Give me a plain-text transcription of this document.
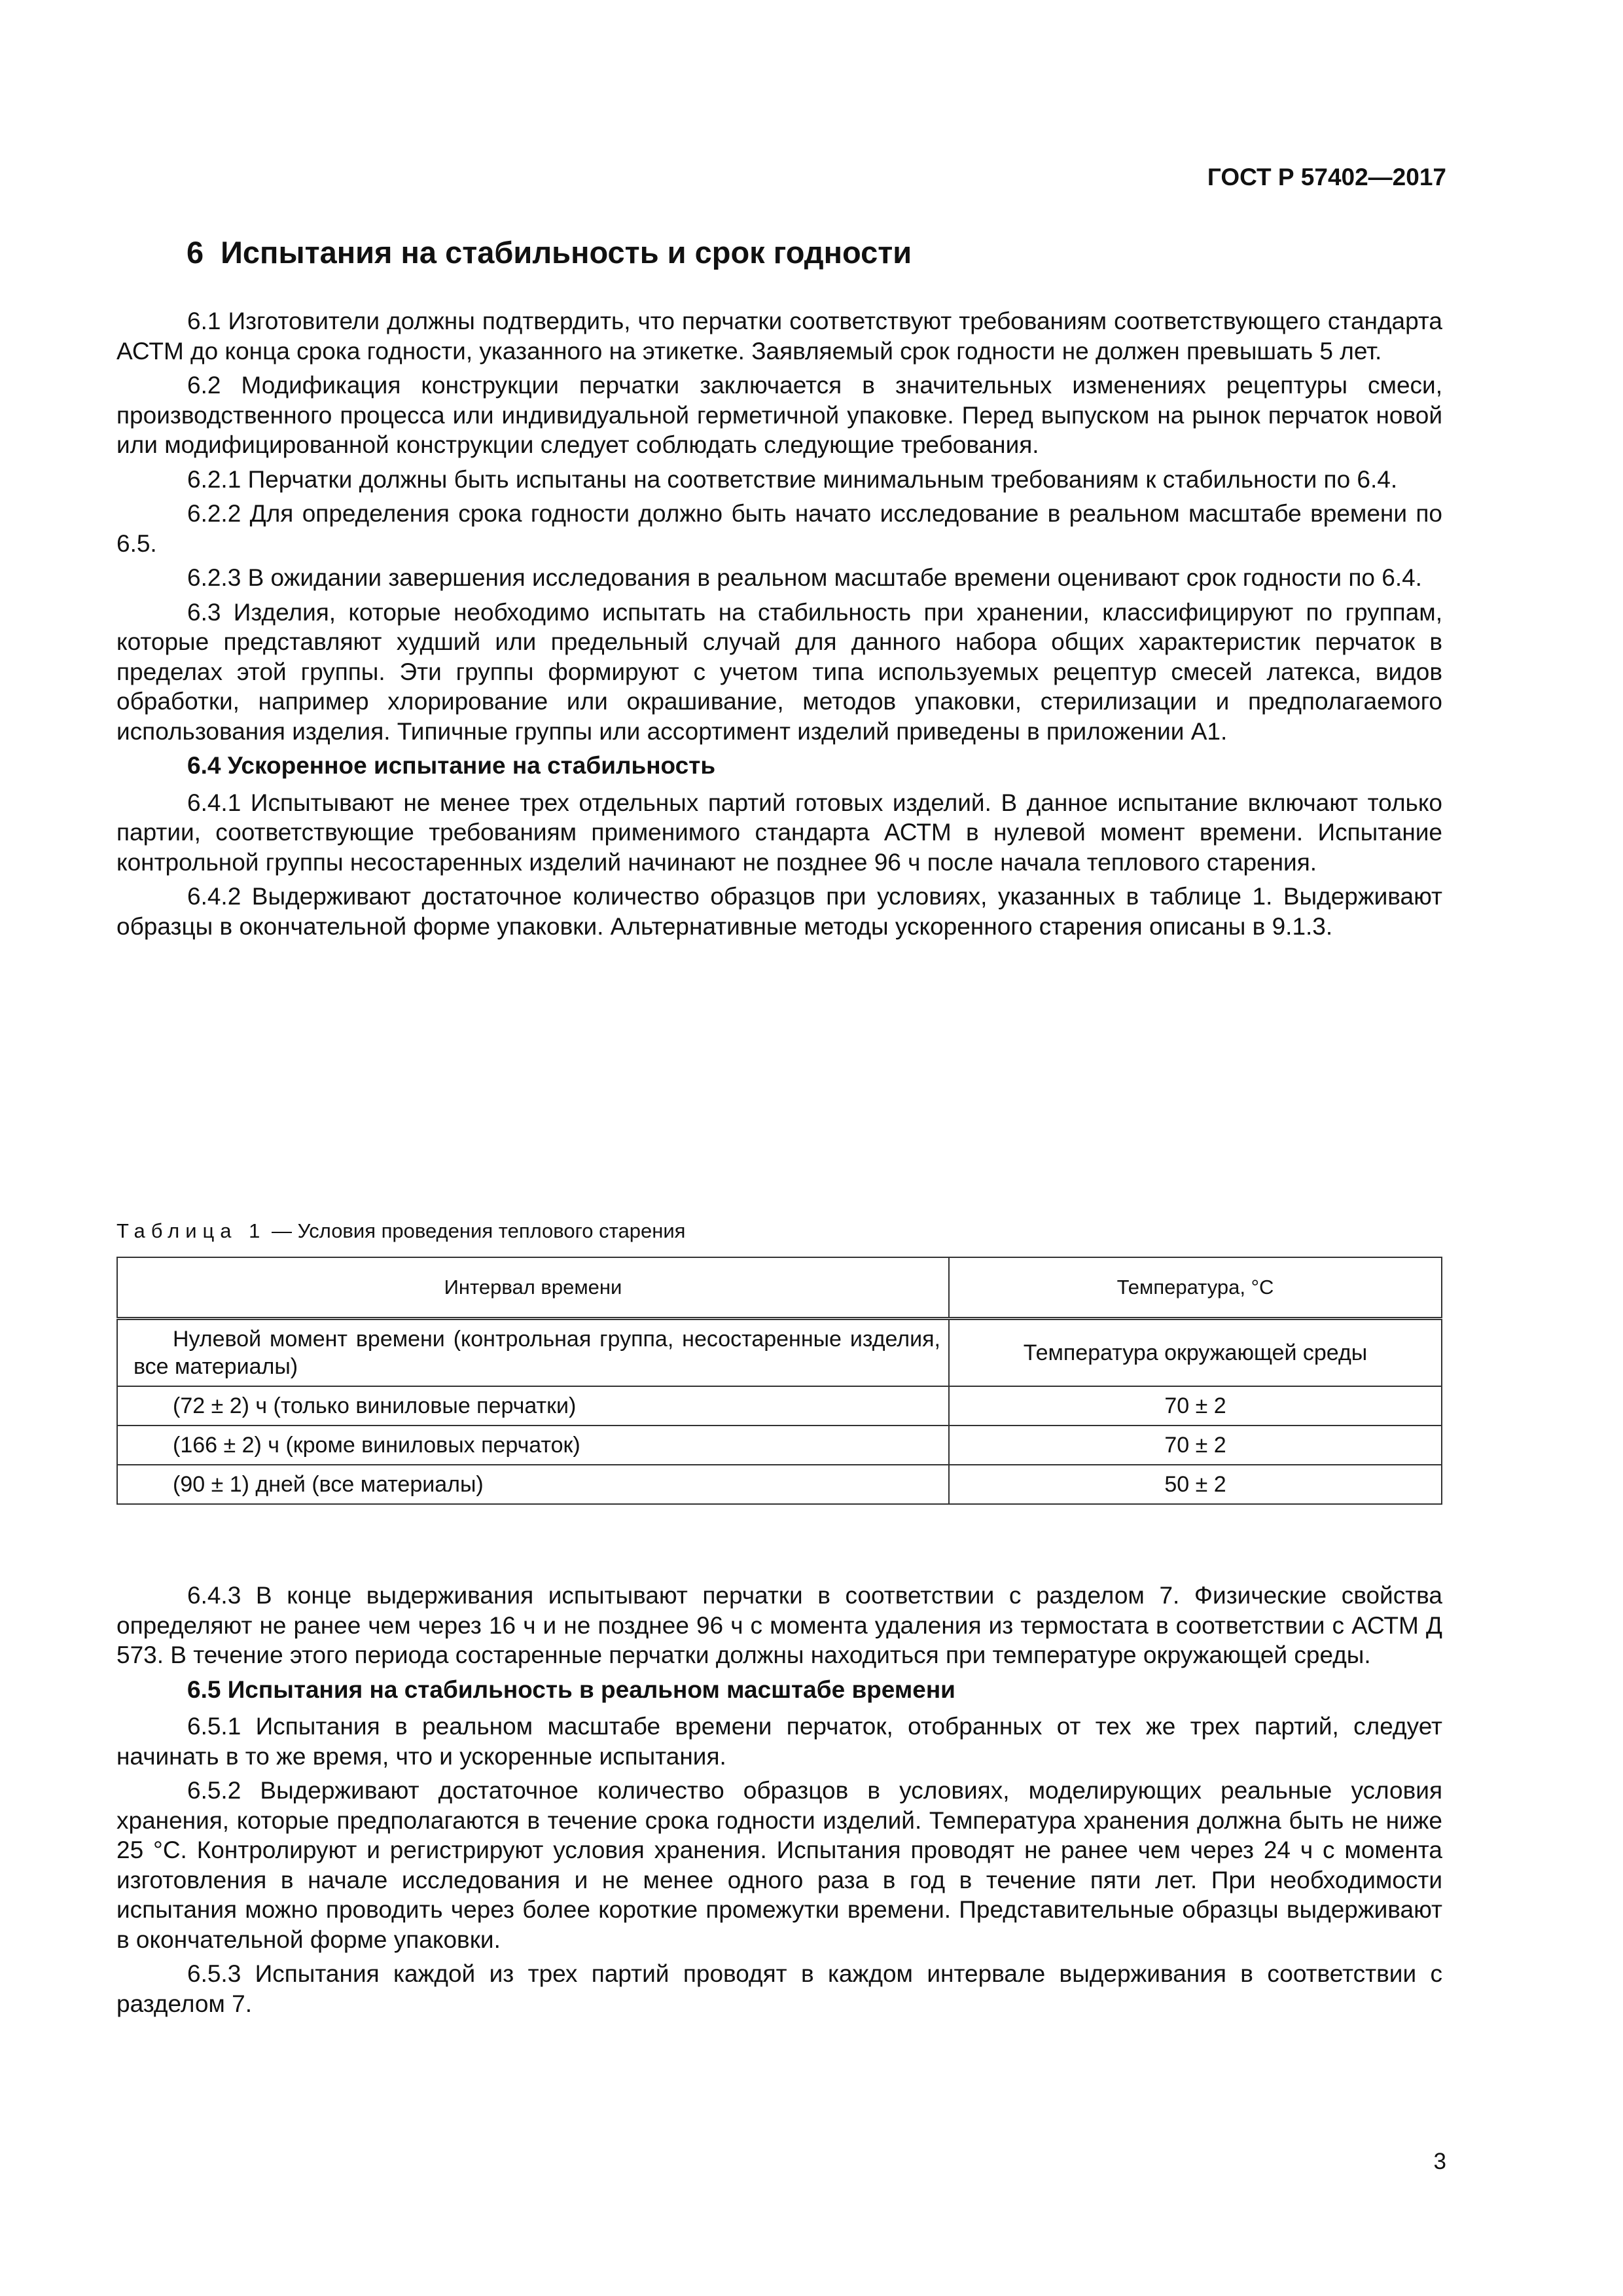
ГОСТ Р 57402—2017
6 Испытания на стабильность и срок годности

6.1 Изготовители должны подтвердить, что перчатки соответствуют требованиям соответствующего стандарта АСТМ до конца срока годности, указанного на этикетке. Заявляемый срок годности не должен превышать 5 лет.

6.2 Модификация конструкции перчатки заключается в значительных изменениях рецептуры смеси, производственного процесса или индивидуальной герметичной упаковке. Перед выпуском на рынок перчаток новой или модифицированной конструкции следует соблюдать следующие требования.

6.2.1 Перчатки должны быть испытаны на соответствие минимальным требованиям к стабильности по 6.4.

6.2.2 Для определения срока годности должно быть начато исследование в реальном масштабе времени по 6.5.

6.2.3 В ожидании завершения исследования в реальном масштабе времени оценивают срок годности по 6.4.

6.3 Изделия, которые необходимо испытать на стабильность при хранении, классифицируют по группам, которые представляют худший или предельный случай для данного набора общих характеристик перчаток в пределах этой группы. Эти группы формируют с учетом типа используемых рецептур смесей латекса, видов обработки, например хлорирование или окрашивание, методов упаковки, стерилизации и предполагаемого использования изделия. Типичные группы или ассортимент изделий приведены в приложении А1.

6.4 Ускоренное испытание на стабильность

6.4.1 Испытывают не менее трех отдельных партий готовых изделий. В данное испытание включают только партии, соответствующие требованиям применимого стандарта АСТМ в нулевой момент времени. Испытание контрольной группы несостаренных изделий начинают не позднее 96 ч после начала теплового старения.

6.4.2 Выдерживают достаточное количество образцов при условиях, указанных в таблице 1. Выдерживают образцы в окончательной форме упаковки. Альтернативные методы ускоренного старения описаны в 9.1.3.

Таблица 1 — Условия проведения теплового старения
Интервал времени	Температура, °С
Нулевой момент времени (контрольная группа, несостаренные изделия, все материалы)	Температура окружающей среды
(72 ± 2) ч (только виниловые перчатки)	70 ± 2
(166 ± 2) ч (кроме виниловых перчаток)	70 ± 2
(90 ± 1) дней (все материалы)	50 ± 2

6.4.3 В конце выдерживания испытывают перчатки в соответствии с разделом 7. Физические свойства определяют не ранее чем через 16 ч и не позднее 96 ч с момента удаления из термостата в соответствии с АСТМ Д 573. В течение этого периода состаренные перчатки должны находиться при температуре окружающей среды.

6.5 Испытания на стабильность в реальном масштабе времени

6.5.1 Испытания в реальном масштабе времени перчаток, отобранных от тех же трех партий, следует начинать в то же время, что и ускоренные испытания.

6.5.2 Выдерживают достаточное количество образцов в условиях, моделирующих реальные условия хранения, которые предполагаются в течение срока годности изделий. Температура хранения должна быть не ниже 25 °С. Контролируют и регистрируют условия хранения. Испытания проводят не ранее чем через 24 ч с момента изготовления в начале исследования и не менее одного раза в год в течение пяти лет. При необходимости испытания можно проводить через более короткие промежутки времени. Представительные образцы выдерживают в окончательной форме упаковки.

6.5.3 Испытания каждой из трех партий проводят в каждом интервале выдерживания в соответствии с разделом 7.

3
